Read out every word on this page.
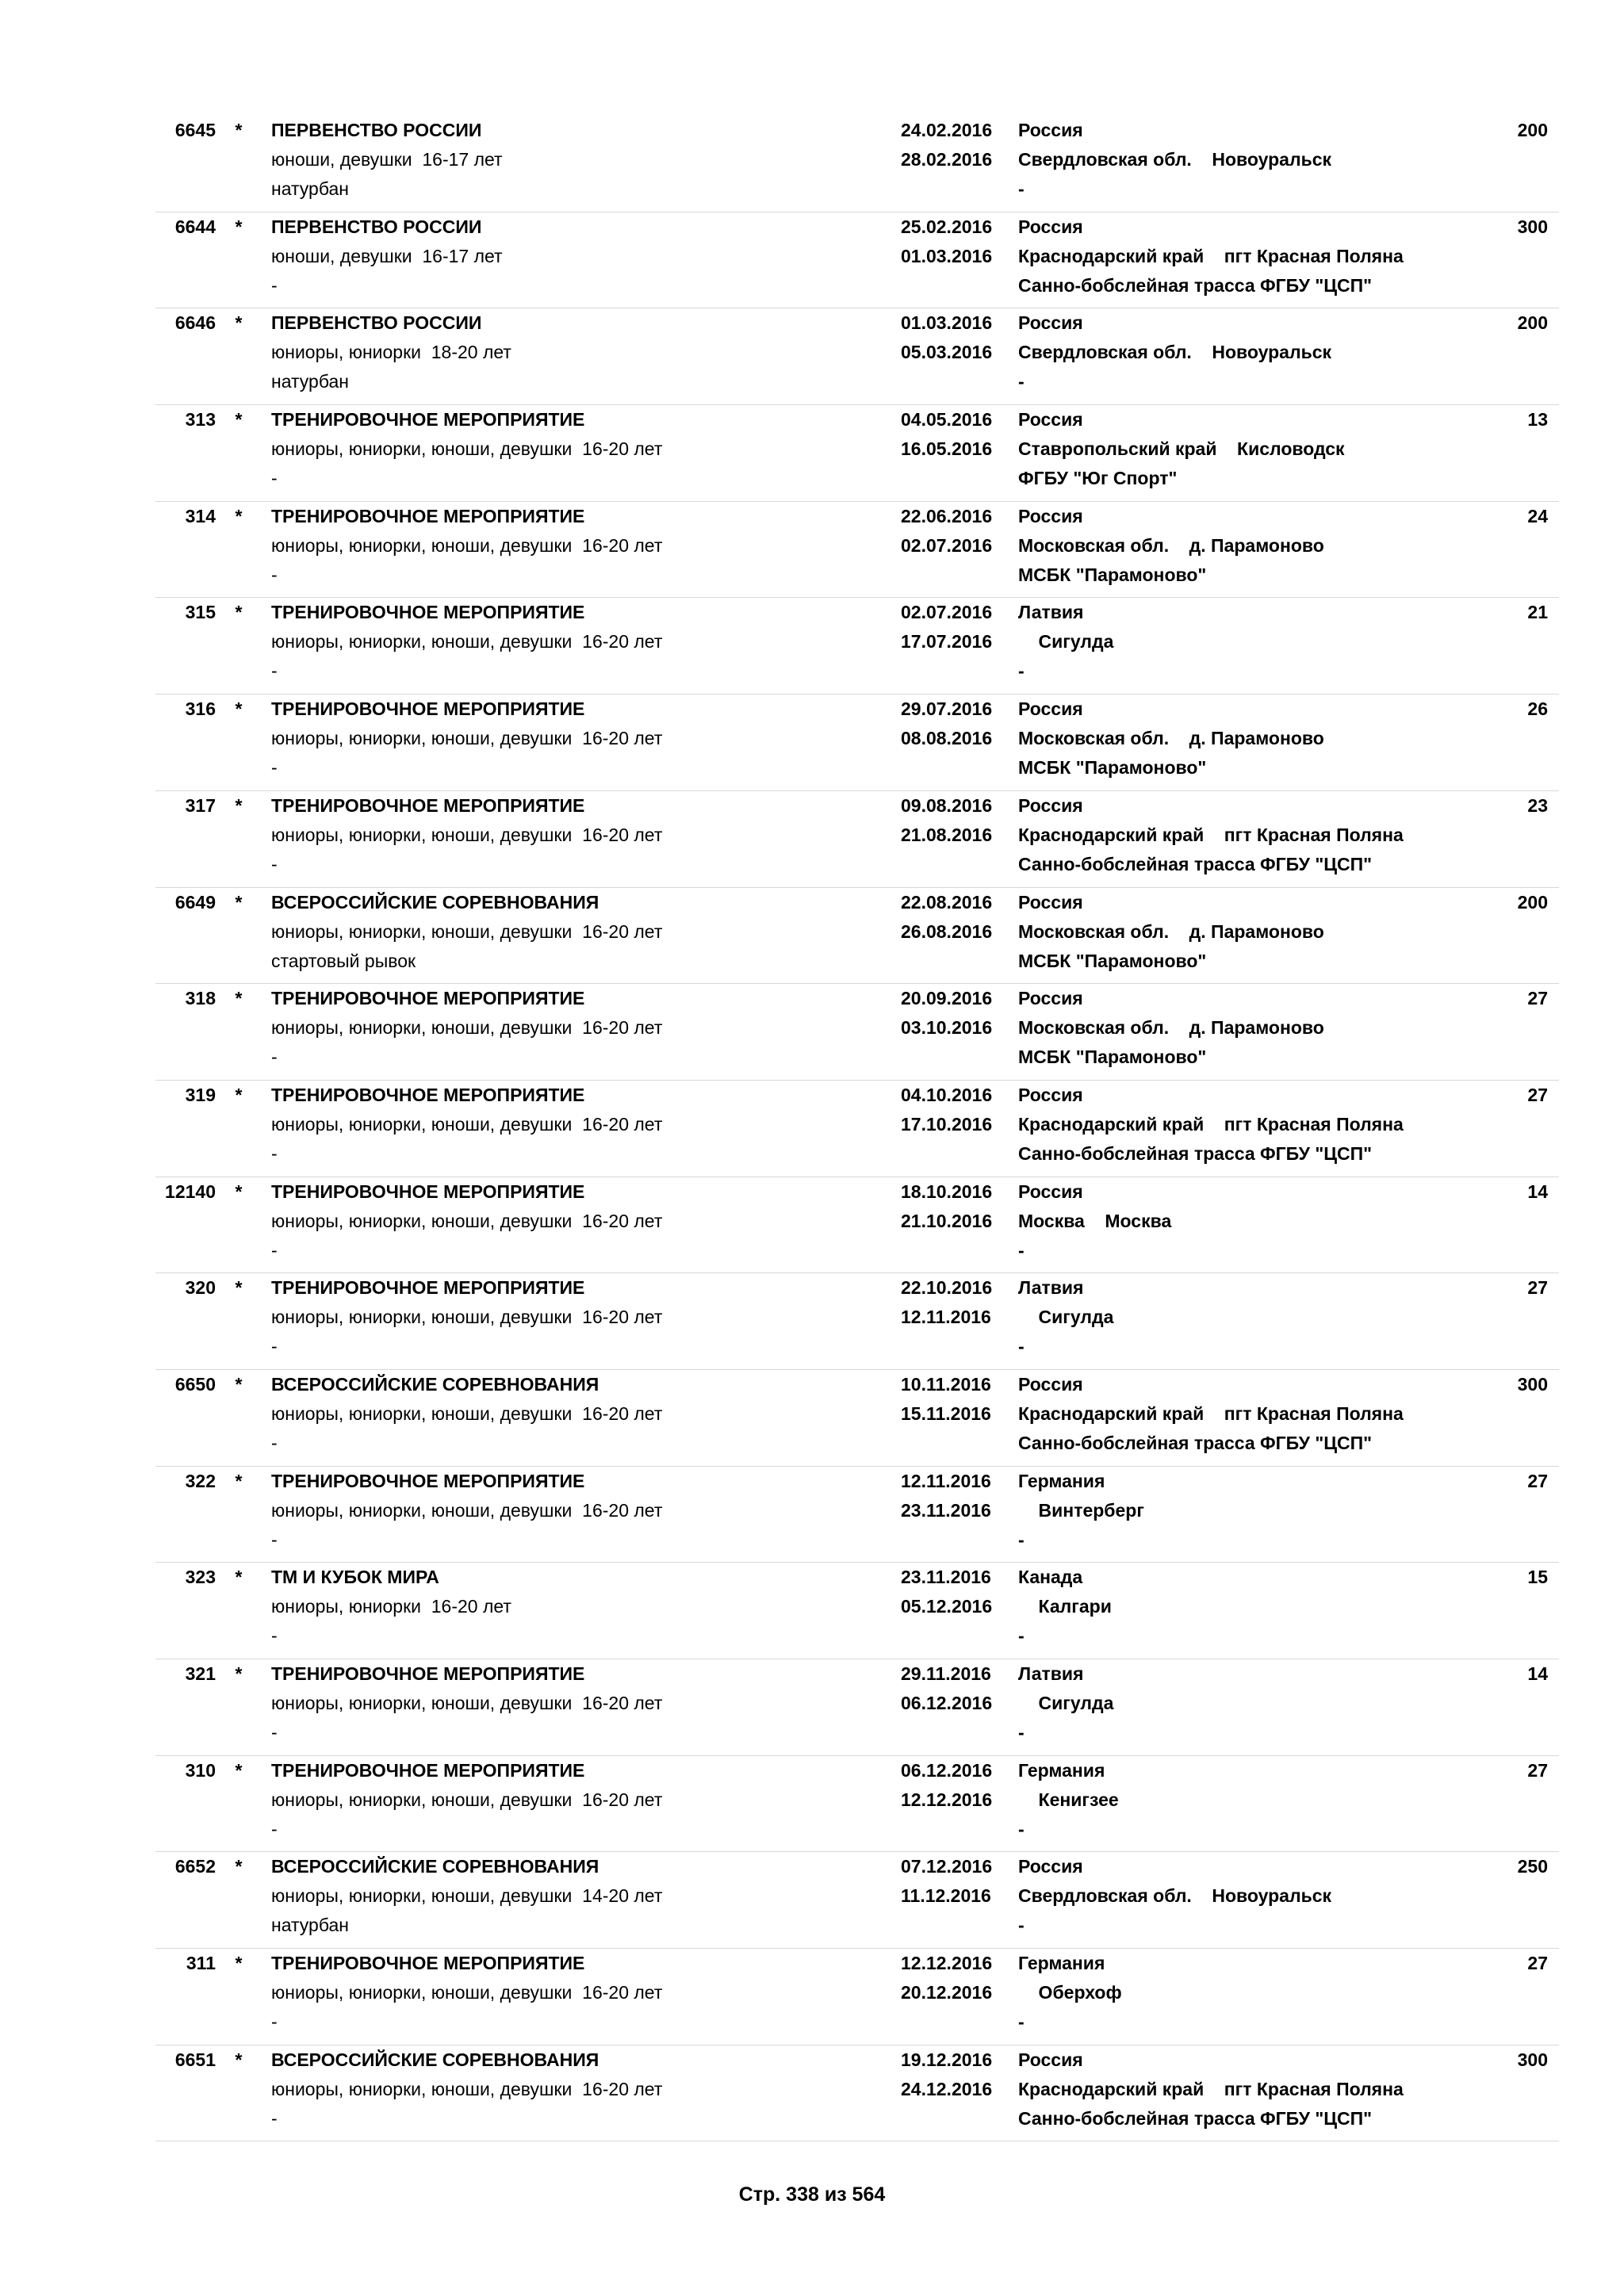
6645 * ПЕРВЕНСТВО РОССИИ
юноши, девушки  16-17 лет
натурбан
24.02.2016
28.02.2016
Россия
Свердловская обл.    Новоуральск
-
200
6644 * ПЕРВЕНСТВО РОССИИ
юноши, девушки  16-17 лет
-
25.02.2016
01.03.2016
Россия
Краснодарский край    пгт Красная Поляна
Санно-бобслейная трасса ФГБУ "ЦСП"
300
6646 * ПЕРВЕНСТВО РОССИИ
юниоры, юниорки  18-20 лет
натурбан
01.03.2016
05.03.2016
Россия
Свердловская обл.    Новоуральск
-
200
313 * ТРЕНИРОВОЧНОЕ МЕРОПРИЯТИЕ
юниоры, юниорки, юноши, девушки  16-20 лет
-
04.05.2016
16.05.2016
Россия
Ставропольский край    Кисловодск
ФГБУ "Юг Спорт"
13
314 * ТРЕНИРОВОЧНОЕ МЕРОПРИЯТИЕ
юниоры, юниорки, юноши, девушки  16-20 лет
-
22.06.2016
02.07.2016
Россия
Московская обл.    д. Парамоново
МСБК "Парамоново"
24
315 * ТРЕНИРОВОЧНОЕ МЕРОПРИЯТИЕ
юниоры, юниорки, юноши, девушки  16-20 лет
-
02.07.2016
17.07.2016
Латвия
Сигулда
-
21
316 * ТРЕНИРОВОЧНОЕ МЕРОПРИЯТИЕ
юниоры, юниорки, юноши, девушки  16-20 лет
-
29.07.2016
08.08.2016
Россия
Московская обл.    д. Парамоново
МСБК "Парамоново"
26
317 * ТРЕНИРОВОЧНОЕ МЕРОПРИЯТИЕ
юниоры, юниорки, юноши, девушки  16-20 лет
-
09.08.2016
21.08.2016
Россия
Краснодарский край    пгт Красная Поляна
Санно-бобслейная трасса ФГБУ "ЦСП"
23
6649 * ВСЕРОССИЙСКИЕ СОРЕВНОВАНИЯ
юниоры, юниорки, юноши, девушки  16-20 лет
стартовый рывок
22.08.2016
26.08.2016
Россия
Московская обл.    д. Парамоново
МСБК "Парамоново"
200
318 * ТРЕНИРОВОЧНОЕ МЕРОПРИЯТИЕ
юниоры, юниорки, юноши, девушки  16-20 лет
-
20.09.2016
03.10.2016
Россия
Московская обл.    д. Парамоново
МСБК "Парамоново"
27
319 * ТРЕНИРОВОЧНОЕ МЕРОПРИЯТИЕ
юниоры, юниорки, юноши, девушки  16-20 лет
-
04.10.2016
17.10.2016
Россия
Краснодарский край    пгт Красная Поляна
Санно-бобслейная трасса ФГБУ "ЦСП"
27
12140 * ТРЕНИРОВОЧНОЕ МЕРОПРИЯТИЕ
юниоры, юниорки, юноши, девушки  16-20 лет
-
18.10.2016
21.10.2016
Россия
Москва    Москва
-
14
320 * ТРЕНИРОВОЧНОЕ МЕРОПРИЯТИЕ
юниоры, юниорки, юноши, девушки  16-20 лет
-
22.10.2016
12.11.2016
Латвия
Сигулда
-
27
6650 * ВСЕРОССИЙСКИЕ СОРЕВНОВАНИЯ
юниоры, юниорки, юноши, девушки  16-20 лет
-
10.11.2016
15.11.2016
Россия
Краснодарский край    пгт Красная Поляна
Санно-бобслейная трасса ФГБУ "ЦСП"
300
322 * ТРЕНИРОВОЧНОЕ МЕРОПРИЯТИЕ
юниоры, юниорки, юноши, девушки  16-20 лет
-
12.11.2016
23.11.2016
Германия
Винтерберг
-
27
323 * ТМ И КУБОК МИРА
юниоры, юниорки  16-20 лет
-
23.11.2016
05.12.2016
Канада
Калгари
-
15
321 * ТРЕНИРОВОЧНОЕ МЕРОПРИЯТИЕ
юниоры, юниорки, юноши, девушки  16-20 лет
-
29.11.2016
06.12.2016
Латвия
Сигулда
-
14
310 * ТРЕНИРОВОЧНОЕ МЕРОПРИЯТИЕ
юниоры, юниорки, юноши, девушки  16-20 лет
-
06.12.2016
12.12.2016
Германия
Кенигзее
-
27
6652 * ВСЕРОССИЙСКИЕ СОРЕВНОВАНИЯ
юниоры, юниорки, юноши, девушки  14-20 лет
натурбан
07.12.2016
11.12.2016
Россия
Свердловская обл.    Новоуральск
-
250
311 * ТРЕНИРОВОЧНОЕ МЕРОПРИЯТИЕ
юниоры, юниорки, юноши, девушки  16-20 лет
-
12.12.2016
20.12.2016
Германия
Оберхоф
-
27
6651 * ВСЕРОССИЙСКИЕ СОРЕВНОВАНИЯ
юниоры, юниорки, юноши, девушки  16-20 лет
-
19.12.2016
24.12.2016
Россия
Краснодарский край    пгт Красная Поляна
Санно-бобслейная трасса ФГБУ "ЦСП"
300
Стр. 338 из 564
